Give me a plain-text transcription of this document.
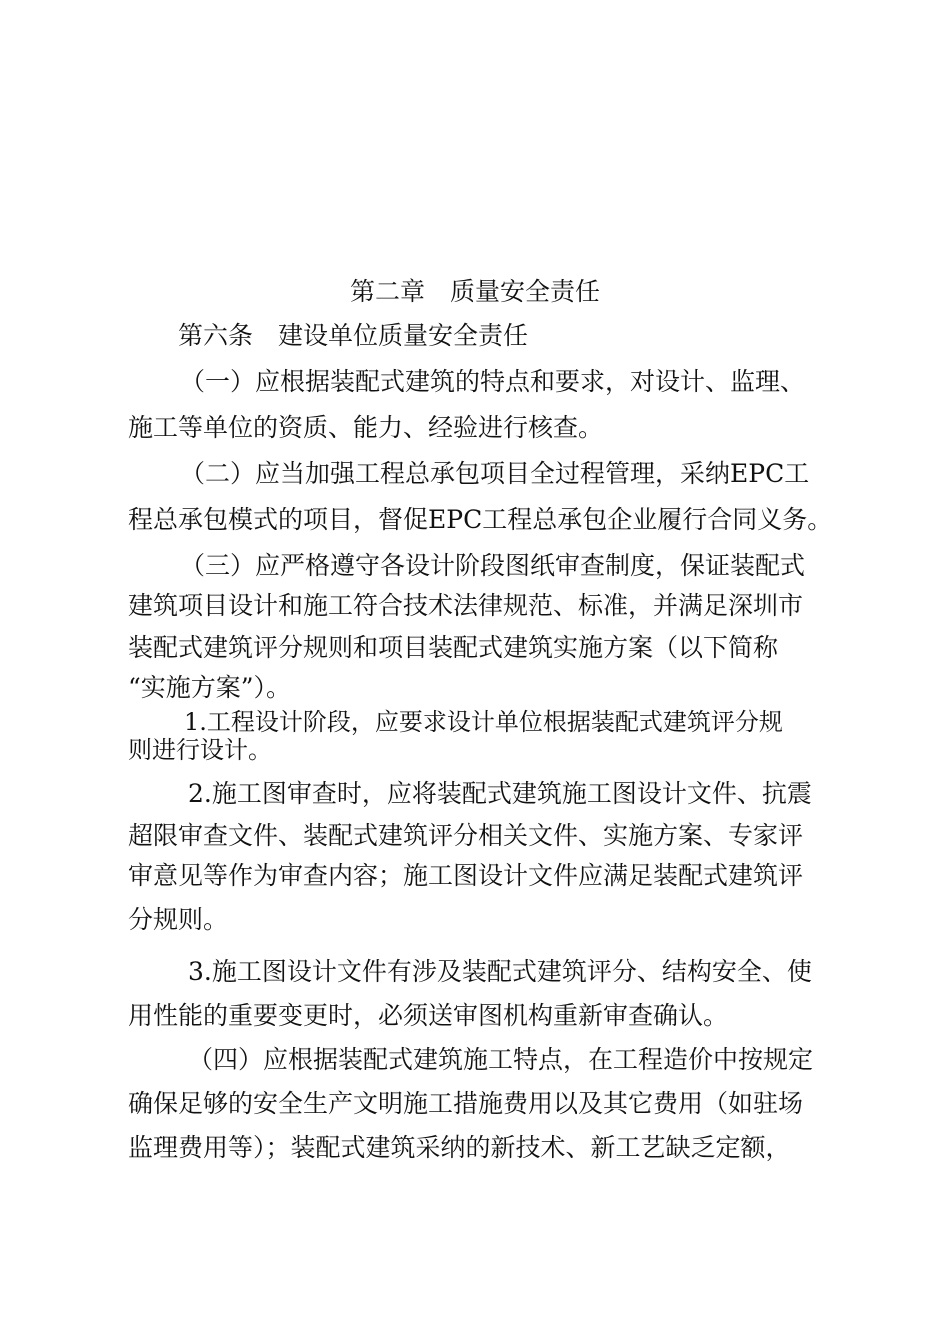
第二章　质量安全责任
第六条　建设单位质量安全责任
（一）应根据装配式建筑的特点和要求，对设计、监理、
施工等单位的资质、能力、经验进行核查。
（二）应当加强工程总承包项目全过程管理，采纳EPC工
程总承包模式的项目，督促EPC工程总承包企业履行合同义务。
（三）应严格遵守各设计阶段图纸审查制度，保证装配式
建筑项目设计和施工符合技术法律规范、标准，并满足深圳市
装配式建筑评分规则和项目装配式建筑实施方案（以下简称
“实施方案”）。
1.工程设计阶段，应要求设计单位根据装配式建筑评分规
则进行设计。
2.施工图审查时，应将装配式建筑施工图设计文件、抗震
超限审查文件、装配式建筑评分相关文件、实施方案、专家评
审意见等作为审查内容；施工图设计文件应满足装配式建筑评
分规则。
3.施工图设计文件有涉及装配式建筑评分、结构安全、使
用性能的重要变更时，必须送审图机构重新审查确认。
（四）应根据装配式建筑施工特点，在工程造价中按规定
确保足够的安全生产文明施工措施费用以及其它费用（如驻场
监理费用等）；装配式建筑采纳的新技术、新工艺缺乏定额，
